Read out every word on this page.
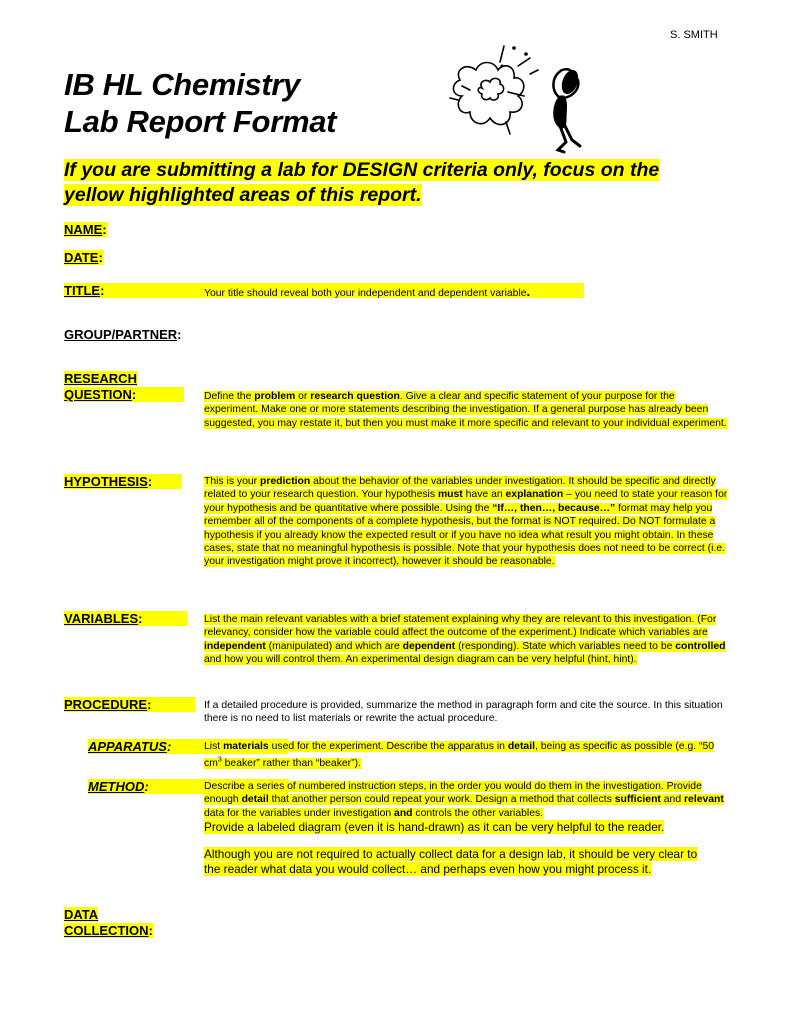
S. SMITH
IB HL Chemistry
Lab Report Format
If you are submitting a lab for DESIGN criteria only, focus on the yellow highlighted areas of this report.
NAME:
DATE:
TITLE:	Your title should reveal both your independent and dependent variable.
GROUP/PARTNER:
RESEARCH
QUESTION:	Define the problem or research question. Give a clear and specific statement of your purpose for the experiment. Make one or more statements describing the investigation. If a general purpose has already been suggested, you may restate it, but then you must make it more specific and relevant to your individual experiment.
HYPOTHESIS:	This is your prediction about the behavior of the variables under investigation. It should be specific and directly related to your research question. Your hypothesis must have an explanation – you need to state your reason for your hypothesis and be quantitative where possible. Using the “If…, then…, because…” format may help you remember all of the components of a complete hypothesis, but the format is NOT required. Do NOT formulate a hypothesis if you already know the expected result or if you have no idea what result you might obtain. In these cases, state that no meaningful hypothesis is possible. Note that your hypothesis does not need to be correct (i.e. your investigation might prove it incorrect), however it should be reasonable.
VARIABLES:	List the main relevant variables with a brief statement explaining why they are relevant to this investigation. (For relevancy, consider how the variable could affect the outcome of the experiment.) Indicate which variables are independent (manipulated) and which are dependent (responding). State which variables need to be controlled and how you will control them. An experimental design diagram can be very helpful (hint, hint).
PROCEDURE:	If a detailed procedure is provided, summarize the method in paragraph form and cite the source. In this situation there is no need to list materials or rewrite the actual procedure.
APPARATUS:	List materials used for the experiment. Describe the apparatus in detail, being as specific as possible (e.g. “50 $cm^3$ beaker” rather than “beaker”).
METHOD:	Describe a series of numbered instruction steps, in the order you would do them in the investigation. Provide enough detail that another person could repeat your work. Design a method that collects sufficient and relevant data for the variables under investigation and controls the other variables.
Provide a labeled diagram (even it is hand-drawn) as it can be very helpful to the reader.
Although you are not required to actually collect data for a design lab, it should be very clear to the reader what data you would collect… and perhaps even how you might process it.
DATA
COLLECTION:
